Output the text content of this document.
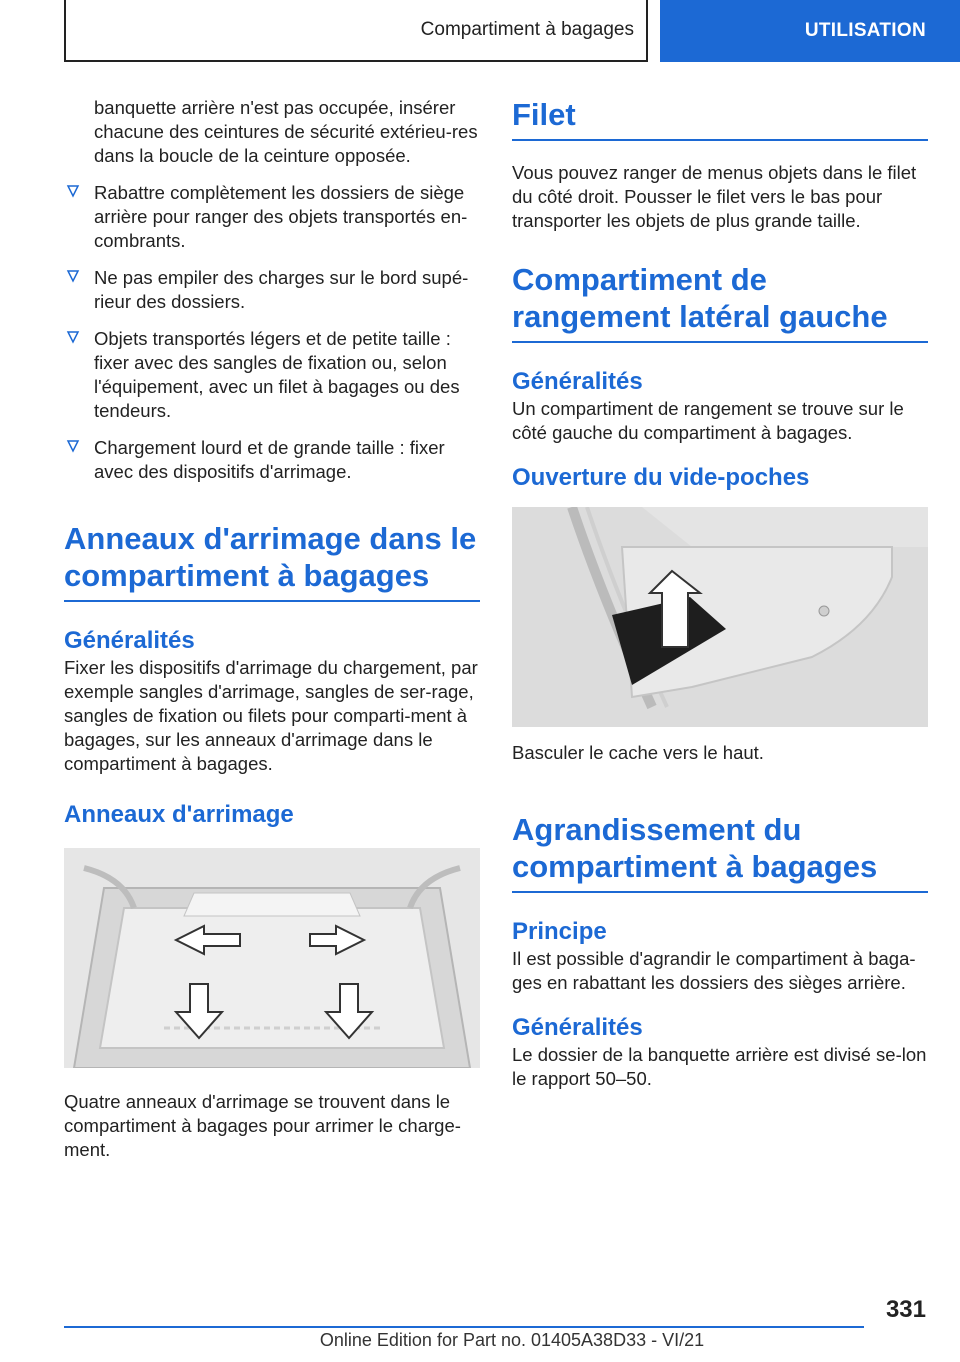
Compartiment à bagages	UTILISATION

banquette arrière n'est pas occupée, insérer chacune des ceintures de sécurité extérieu-res dans la boucle de la ceinture opposée.

Rabattre complètement les dossiers de siège arrière pour ranger des objets transportés en-combrants.

Ne pas empiler des charges sur le bord supé-rieur des dossiers.

Objets transportés légers et de petite taille : fixer avec des sangles de fixation ou, selon l'équipement, avec un filet à bagages ou des tendeurs.

Chargement lourd et de grande taille : fixer avec des dispositifs d'arrimage.

Anneaux d'arrimage dans le compartiment à bagages
Généralités

Fixer les dispositifs d'arrimage du chargement, par exemple sangles d'arrimage, sangles de ser-rage, sangles de fixation ou filets pour comparti-ment à bagages, sur les anneaux d'arrimage dans le compartiment à bagages.

Anneaux d'arrimage

Quatre anneaux d'arrimage se trouvent dans le compartiment à bagages pour arrimer le charge-ment.

Filet

Vous pouvez ranger de menus objets dans le filet du côté droit. Pousser le filet vers le bas pour transporter les objets de plus grande taille.

Compartiment de rangement latéral gauche
Généralités

Un compartiment de rangement se trouve sur le côté gauche du compartiment à bagages.

Ouverture du vide-poches

Basculer le cache vers le haut.

Agrandissement du compartiment à bagages
Principe

Il est possible d'agrandir le compartiment à baga-ges en rabattant les dossiers des sièges arrière.

Généralités

Le dossier de la banquette arrière est divisé se-lon le rapport 50–50.

331
Online Edition for Part no. 01405A38D33 - VI/21
